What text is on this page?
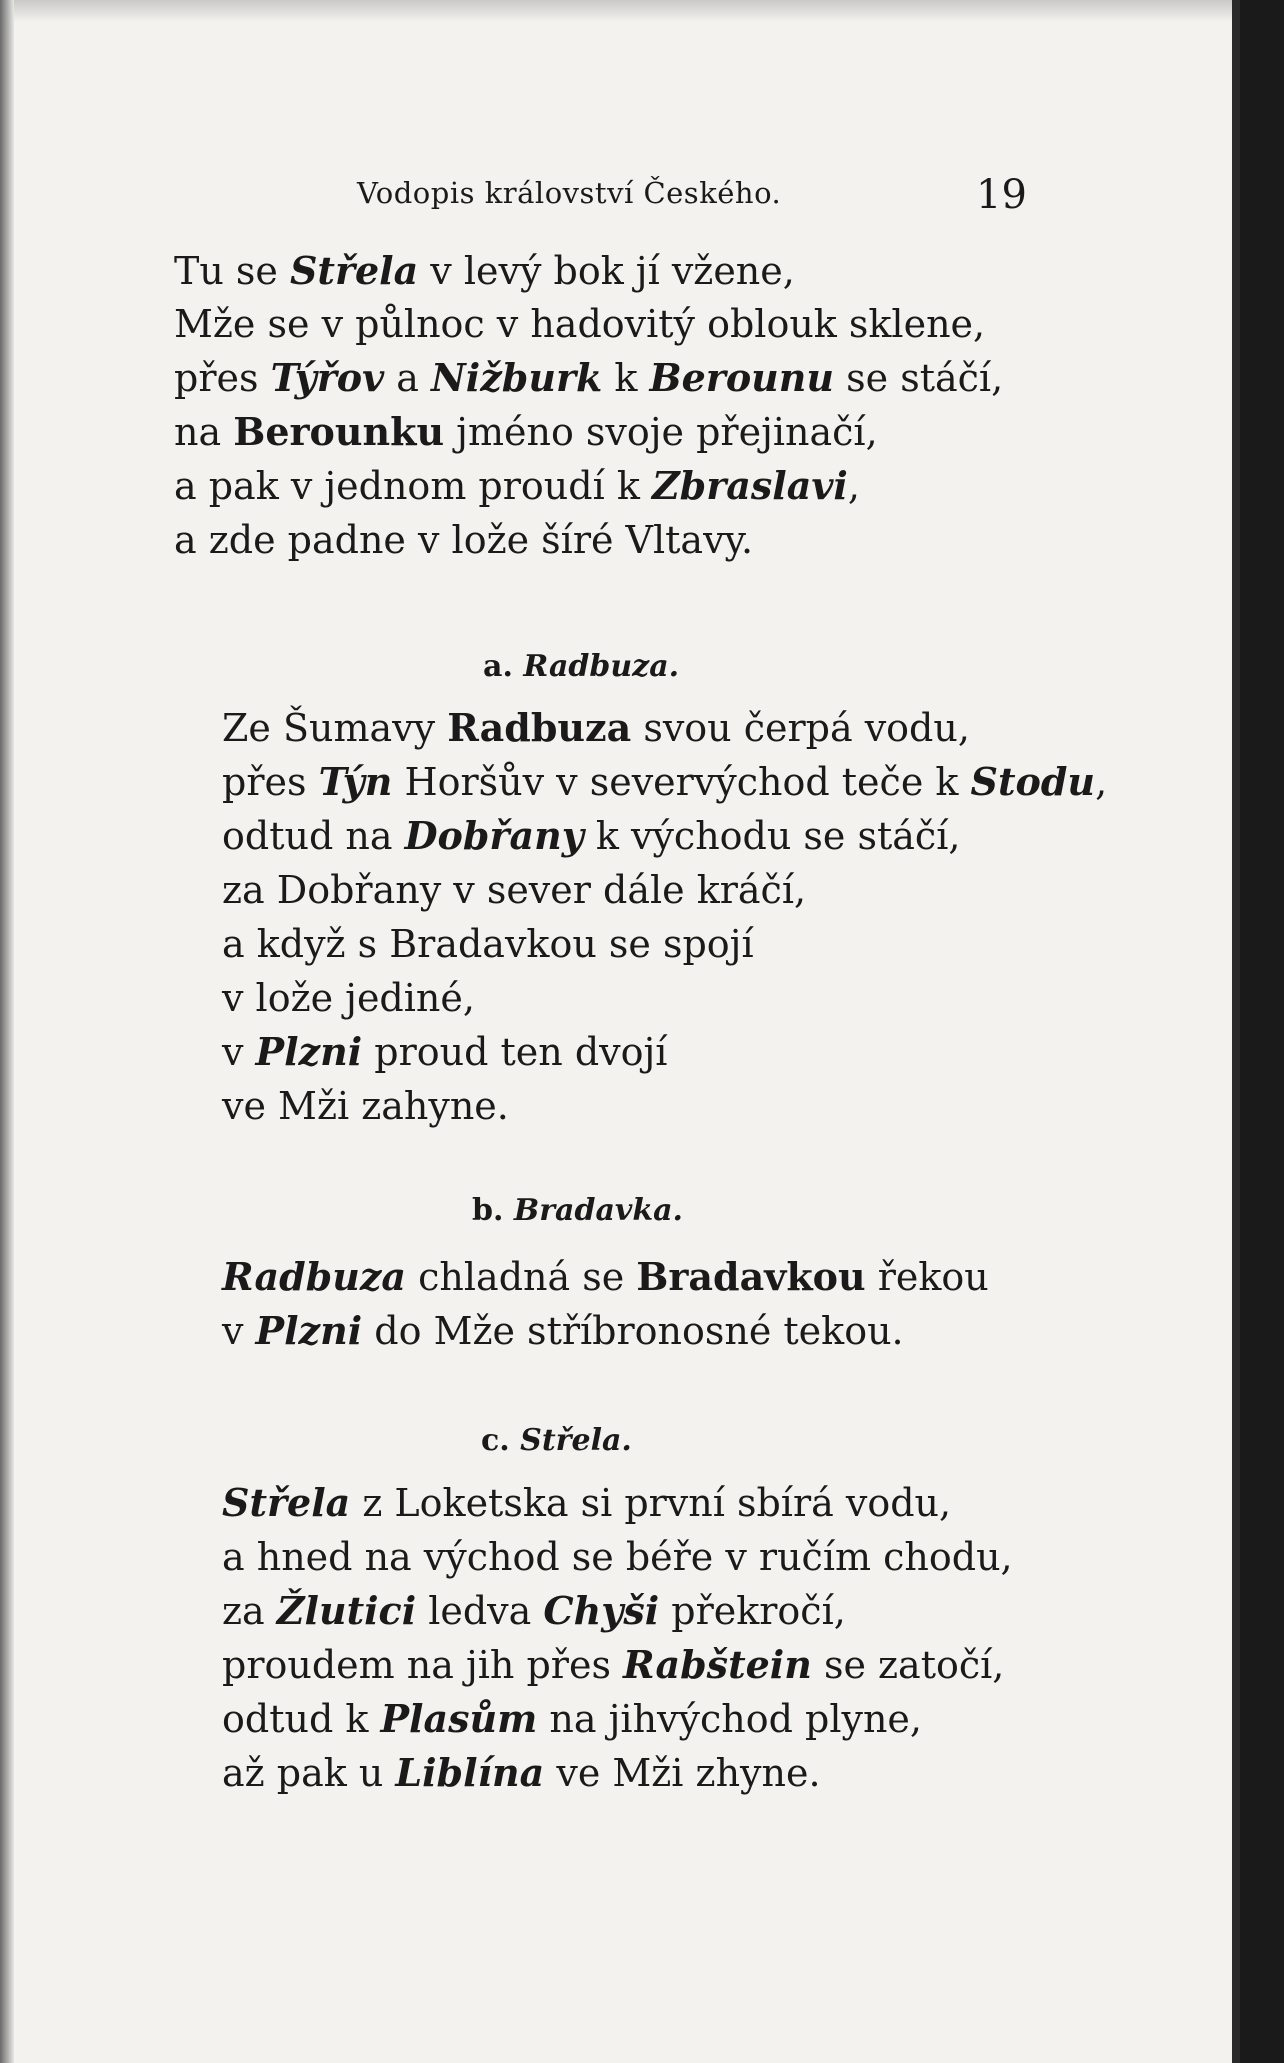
Vodopis království Českého.	19
Tu se Střela v levý bok jí vžene,
Mže se v půlnoc v hadovitý oblouk sklene,
přes Týřov a Nižburk k Berounu se stáčí,
na Berounku jméno svoje přejinačí,
a pak v jednom proudí k Zbraslavi,
a zde padne v lože šíré Vltavy.
a. Radbuza.
Ze Šumavy Radbuza svou čerpá vodu,
přes Týn Horšův v severvýchod teče k Stodu,
odtud na Dobřany k východu se stáčí,
za Dobřany v sever dále kráčí,
a když s Bradavkou se spojí
v lože jediné,
v Plzni proud ten dvojí
ve Mži zahyne.
b. Bradavka.
Radbuza chladná se Bradavkou řekou
v Plzni do Mže stříbronosné tekou.
c. Střela.
Střela z Loketska si první sbírá vodu,
a hned na východ se béře v ručím chodu,
za Žlutici ledva Chyši překročí,
proudem na jih přes Rabštein se zatočí,
odtud k Plasům na jihvýchod plyne,
až pak u Liblína ve Mži zhyne.
